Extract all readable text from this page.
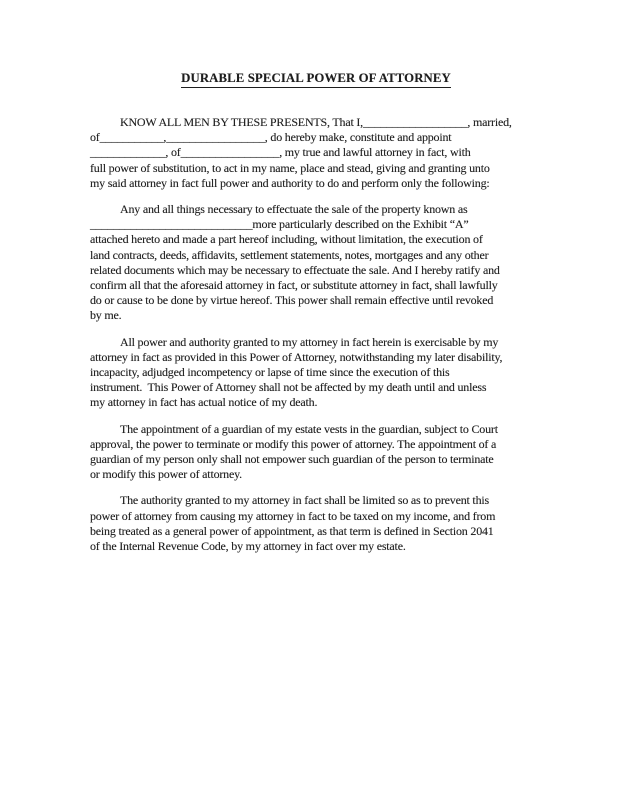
DURABLE SPECIAL POWER OF ATTORNEY
KNOW ALL MEN BY THESE PRESENTS, That I,__________________, married,
of___________,_________________, do hereby make, constitute and appoint
_____________, of_________________, my true and lawful attorney in fact, with
full power of substitution, to act in my name, place and stead, giving and granting unto
my said attorney in fact full power and authority to do and perform only the following:
Any and all things necessary to effectuate the sale of the property known as
____________________________more particularly described on the Exhibit “A”
attached hereto and made a part hereof including, without limitation, the execution of
land contracts, deeds, affidavits, settlement statements, notes, mortgages and any other
related documents which may be necessary to effectuate the sale. And I hereby ratify and
confirm all that the aforesaid attorney in fact, or substitute attorney in fact, shall lawfully
do or cause to be done by virtue hereof. This power shall remain effective until revoked
by me.
All power and authority granted to my attorney in fact herein is exercisable by my
attorney in fact as provided in this Power of Attorney, notwithstanding my later disability,
incapacity, adjudged incompetency or lapse of time since the execution of this
instrument.  This Power of Attorney shall not be affected by my death until and unless
my attorney in fact has actual notice of my death.
The appointment of a guardian of my estate vests in the guardian, subject to Court
approval, the power to terminate or modify this power of attorney. The appointment of a
guardian of my person only shall not empower such guardian of the person to terminate
or modify this power of attorney.
The authority granted to my attorney in fact shall be limited so as to prevent this
power of attorney from causing my attorney in fact to be taxed on my income, and from
being treated as a general power of appointment, as that term is defined in Section 2041
of the Internal Revenue Code, by my attorney in fact over my estate.
